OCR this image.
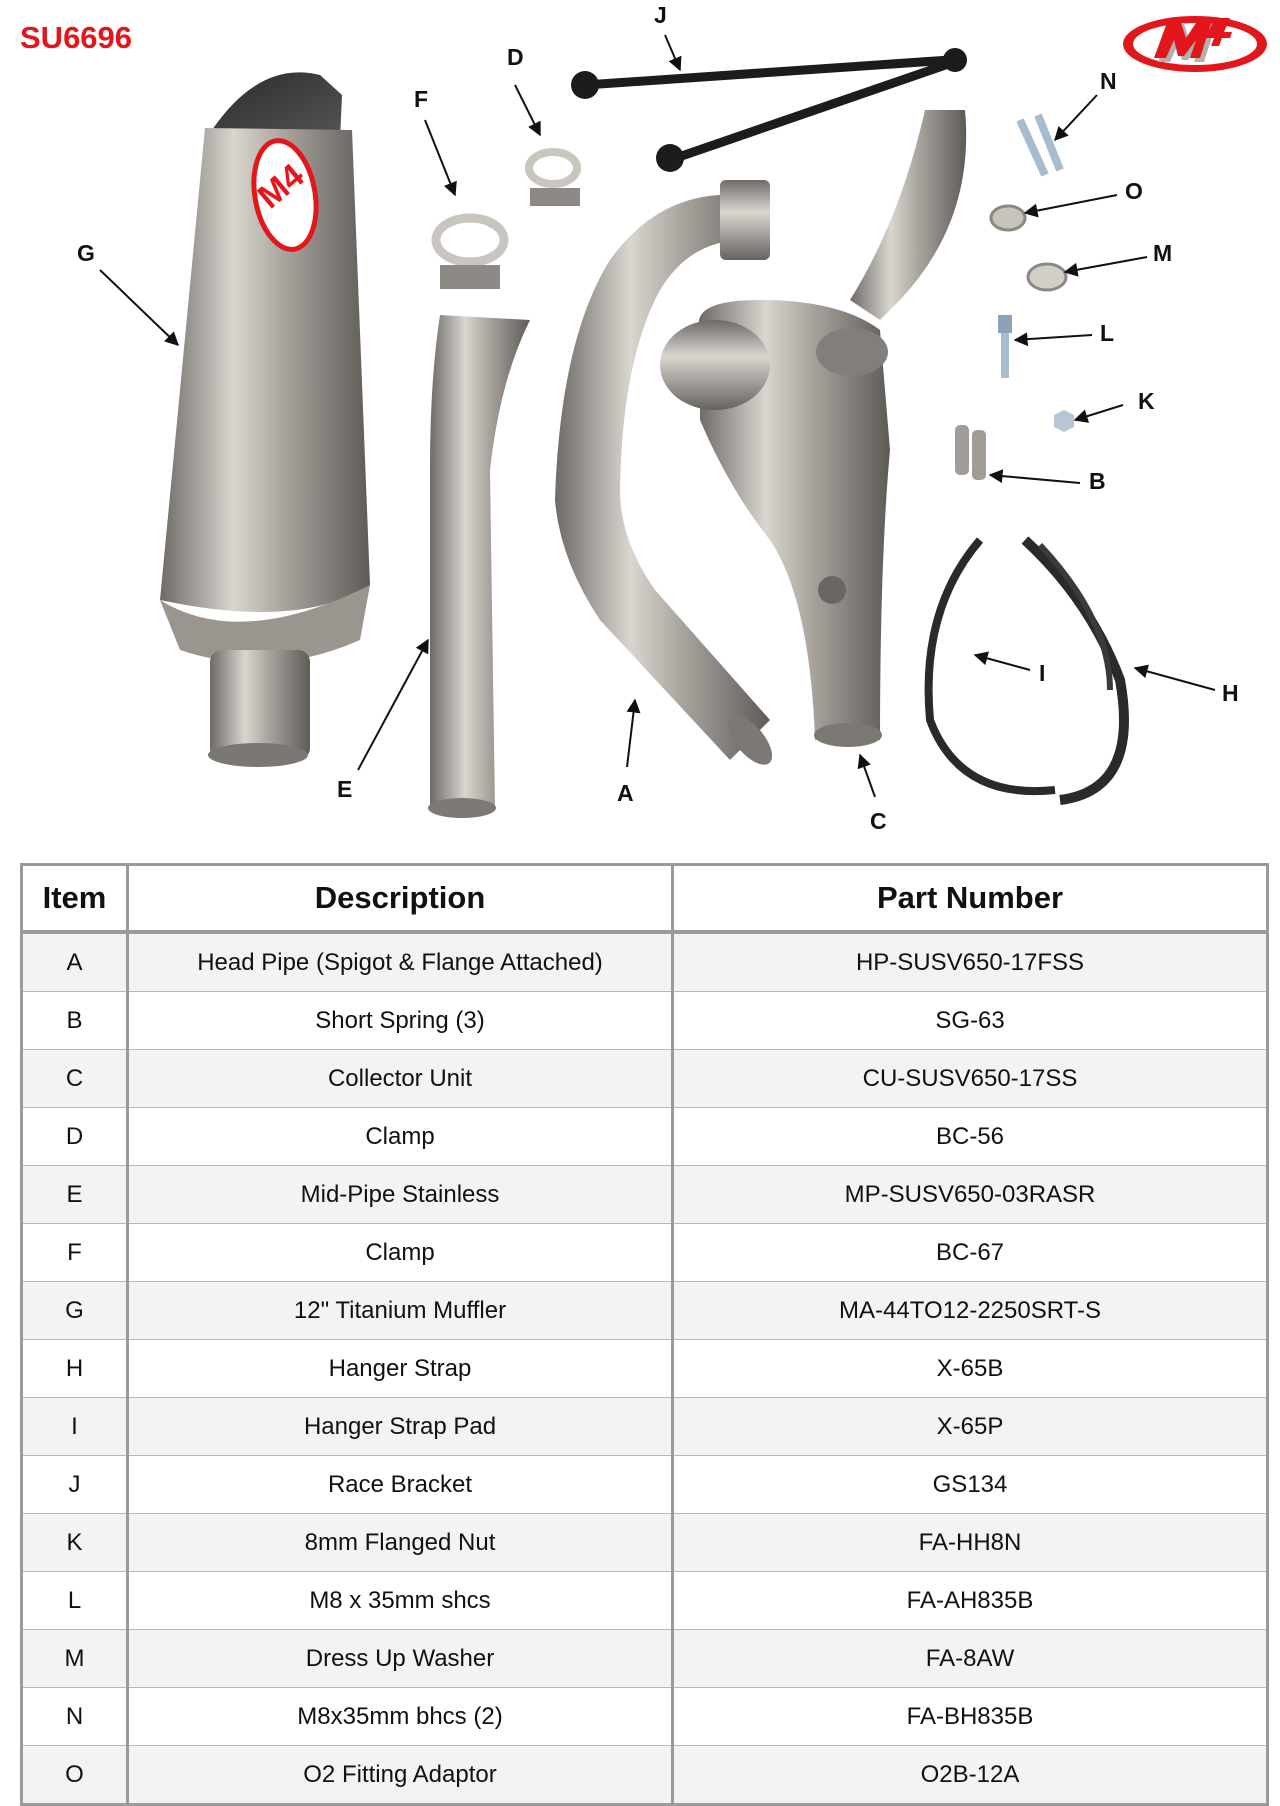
SU6696
M4
A
B
C
D
E
F
G
H
I
J
K
L
M
N
O
Item	Description	Part Number
A	Head Pipe (Spigot & Flange Attached)	HP-SUSV650-17FSS
B	Short Spring (3)	SG-63
C	Collector Unit	CU-SUSV650-17SS
D	Clamp	BC-56
E	Mid-Pipe Stainless	MP-SUSV650-03RASR
F	Clamp	BC-67
G	12" Titanium Muffler	MA-44TO12-2250SRT-S
H	Hanger Strap	X-65B
I	Hanger Strap Pad	X-65P
J	Race Bracket	GS134
K	8mm Flanged Nut	FA-HH8N
L	M8 x 35mm shcs	FA-AH835B
M	Dress Up Washer	FA-8AW
N	M8x35mm bhcs (2)	FA-BH835B
O	O2 Fitting Adaptor	O2B-12A
